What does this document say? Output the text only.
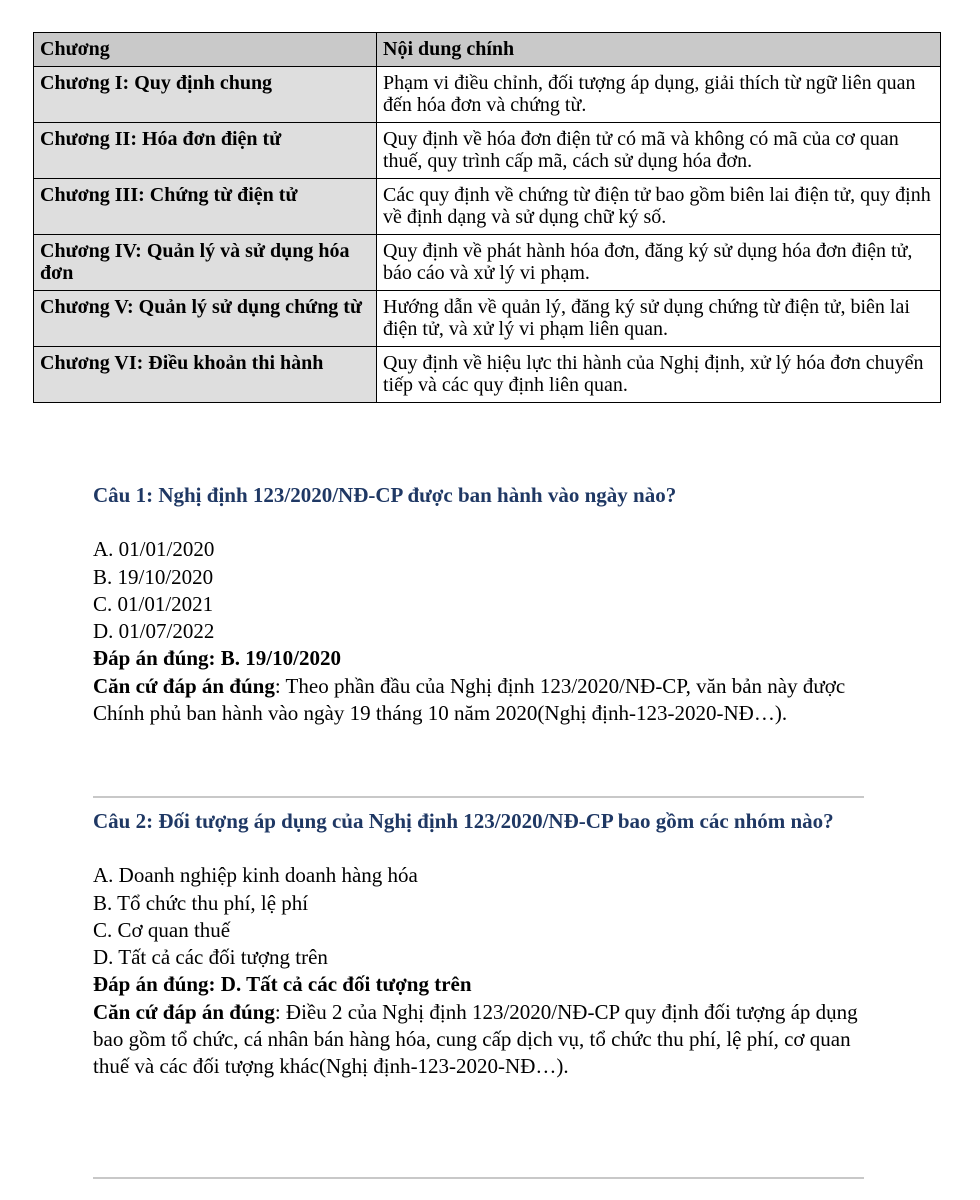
Chương	Nội dung chính
Chương I: Quy định chung	Phạm vi điều chỉnh, đối tượng áp dụng, giải thích từ ngữ liên quan đến hóa đơn và chứng từ.
Chương II: Hóa đơn điện tử	Quy định về hóa đơn điện tử có mã và không có mã của cơ quan thuế, quy trình cấp mã, cách sử dụng hóa đơn.
Chương III: Chứng từ điện tử	Các quy định về chứng từ điện tử bao gồm biên lai điện tử, quy định về định dạng và sử dụng chữ ký số.
Chương IV: Quản lý và sử dụng hóa đơn	Quy định về phát hành hóa đơn, đăng ký sử dụng hóa đơn điện tử, báo cáo và xử lý vi phạm.
Chương V: Quản lý sử dụng chứng từ	Hướng dẫn về quản lý, đăng ký sử dụng chứng từ điện tử, biên lai điện tử, và xử lý vi phạm liên quan.
Chương VI: Điều khoản thi hành	Quy định về hiệu lực thi hành của Nghị định, xử lý hóa đơn chuyển tiếp và các quy định liên quan.

Câu 1: Nghị định 123/2020/NĐ-CP được ban hành vào ngày nào?

A. 01/01/2020

B. 19/10/2020

C. 01/01/2021

D. 01/07/2022

Đáp án đúng: B. 19/10/2020

Căn cứ đáp án đúng: Theo phần đầu của Nghị định 123/2020/NĐ-CP, văn bản này được Chính phủ ban hành vào ngày 19 tháng 10 năm 2020(Nghị định-123-2020-NĐ…).

Câu 2: Đối tượng áp dụng của Nghị định 123/2020/NĐ-CP bao gồm các nhóm nào?

A. Doanh nghiệp kinh doanh hàng hóa

B. Tổ chức thu phí, lệ phí

C. Cơ quan thuế

D. Tất cả các đối tượng trên

Đáp án đúng: D. Tất cả các đối tượng trên

Căn cứ đáp án đúng: Điều 2 của Nghị định 123/2020/NĐ-CP quy định đối tượng áp dụng bao gồm tổ chức, cá nhân bán hàng hóa, cung cấp dịch vụ, tổ chức thu phí, lệ phí, cơ quan thuế và các đối tượng khác(Nghị định-123-2020-NĐ…).
